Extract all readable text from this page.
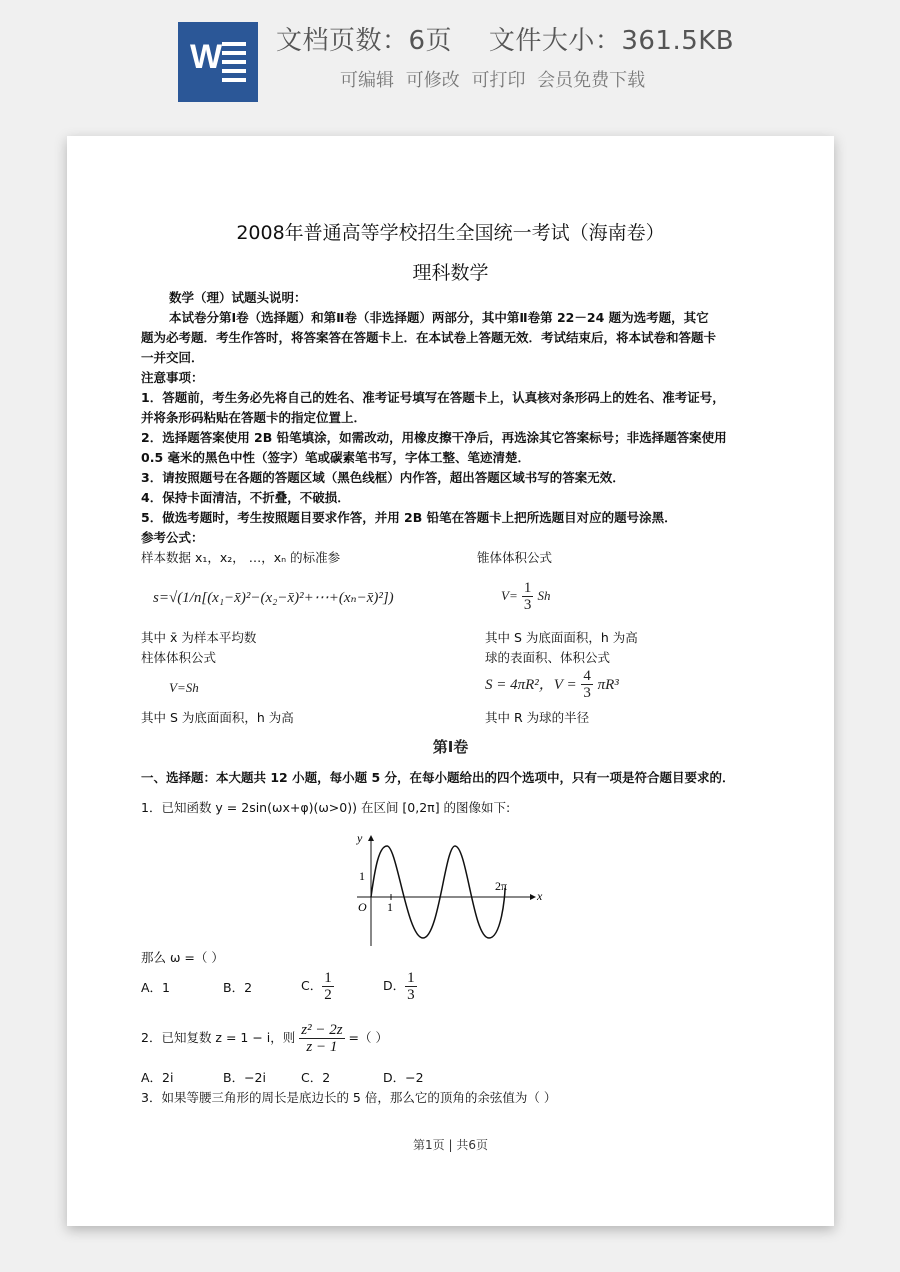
W 文档页数：6页 文件大小：361.5KB
可编辑 可修改 可打印 会员免费下载
2008年普通高等学校招生全国统一考试（海南卷）
理科数学
数学（理）试题头说明：
本试卷分第Ⅰ卷（选择题）和第Ⅱ卷（非选择题）两部分，其中第Ⅱ卷第 22－24 题为选考题，其它
题为必考题．考生作答时，将答案答在答题卡上．在本试卷上答题无效．考试结束后，将本试卷和答题卡
一并交回．
注意事项：
1．答题前，考生务必先将自己的姓名、准考证号填写在答题卡上，认真核对条形码上的姓名、准考证号，
并将条形码粘贴在答题卡的指定位置上．
2．选择题答案使用 2B 铅笔填涂，如需改动，用橡皮擦干净后，再选涂其它答案标号；非选择题答案使用
0.5 毫米的黑色中性（签字）笔或碳素笔书写，字体工整、笔迹清楚．
3．请按照题号在各题的答题区域（黑色线框）内作答，超出答题区域书写的答案无效．
4．保持卡面清洁，不折叠，不破损．
5．做选考题时，考生按照题目要求作答，并用 2B 铅笔在答题卡上把所选题目对应的题号涂黑．
参考公式：
样本数据 x₁，x₂， …，xₙ 的标准参	锥体体积公式
s=√(1/n[(x₁−x̄)²−(x₂−x̄)²+⋯+(xₙ−x̄)²])	$V= \frac{1}{3}$ Sh
其中 x̄ 为样本平均数	其中 S 为底面面积，h 为高
柱体体积公式	球的表面积、体积公式
V=Sh	S = 4πR²，$V = \frac{4}{3} \pi R^3$
其中 S 为底面面积，h 为高	其中 R 为球的半径
第Ⅰ卷
一、选择题：本大题共 12 小题，每小题 5 分，在每小题给出的四个选项中，只有一项是符合题目要求的．
1．已知函数 y = 2sin(ωx+φ)(ω>0)) 在区间 [0,2π] 的图像如下:
y
x
1
1
O
2π
那么 ω =（ ）
A．1	B．2	C． $\frac{1}{2}$	D． $\frac{1}{3}$
2．已知复数 z = 1 − i，则 $\frac{\text{z² − 2z}}{z - 1}$ =（ ）
A．2i	B．−2i	C．2	D．−2
3．如果等腰三角形的周长是底边长的 5 倍，那么它的顶角的余弦值为（ ）
第1页 | 共6页
